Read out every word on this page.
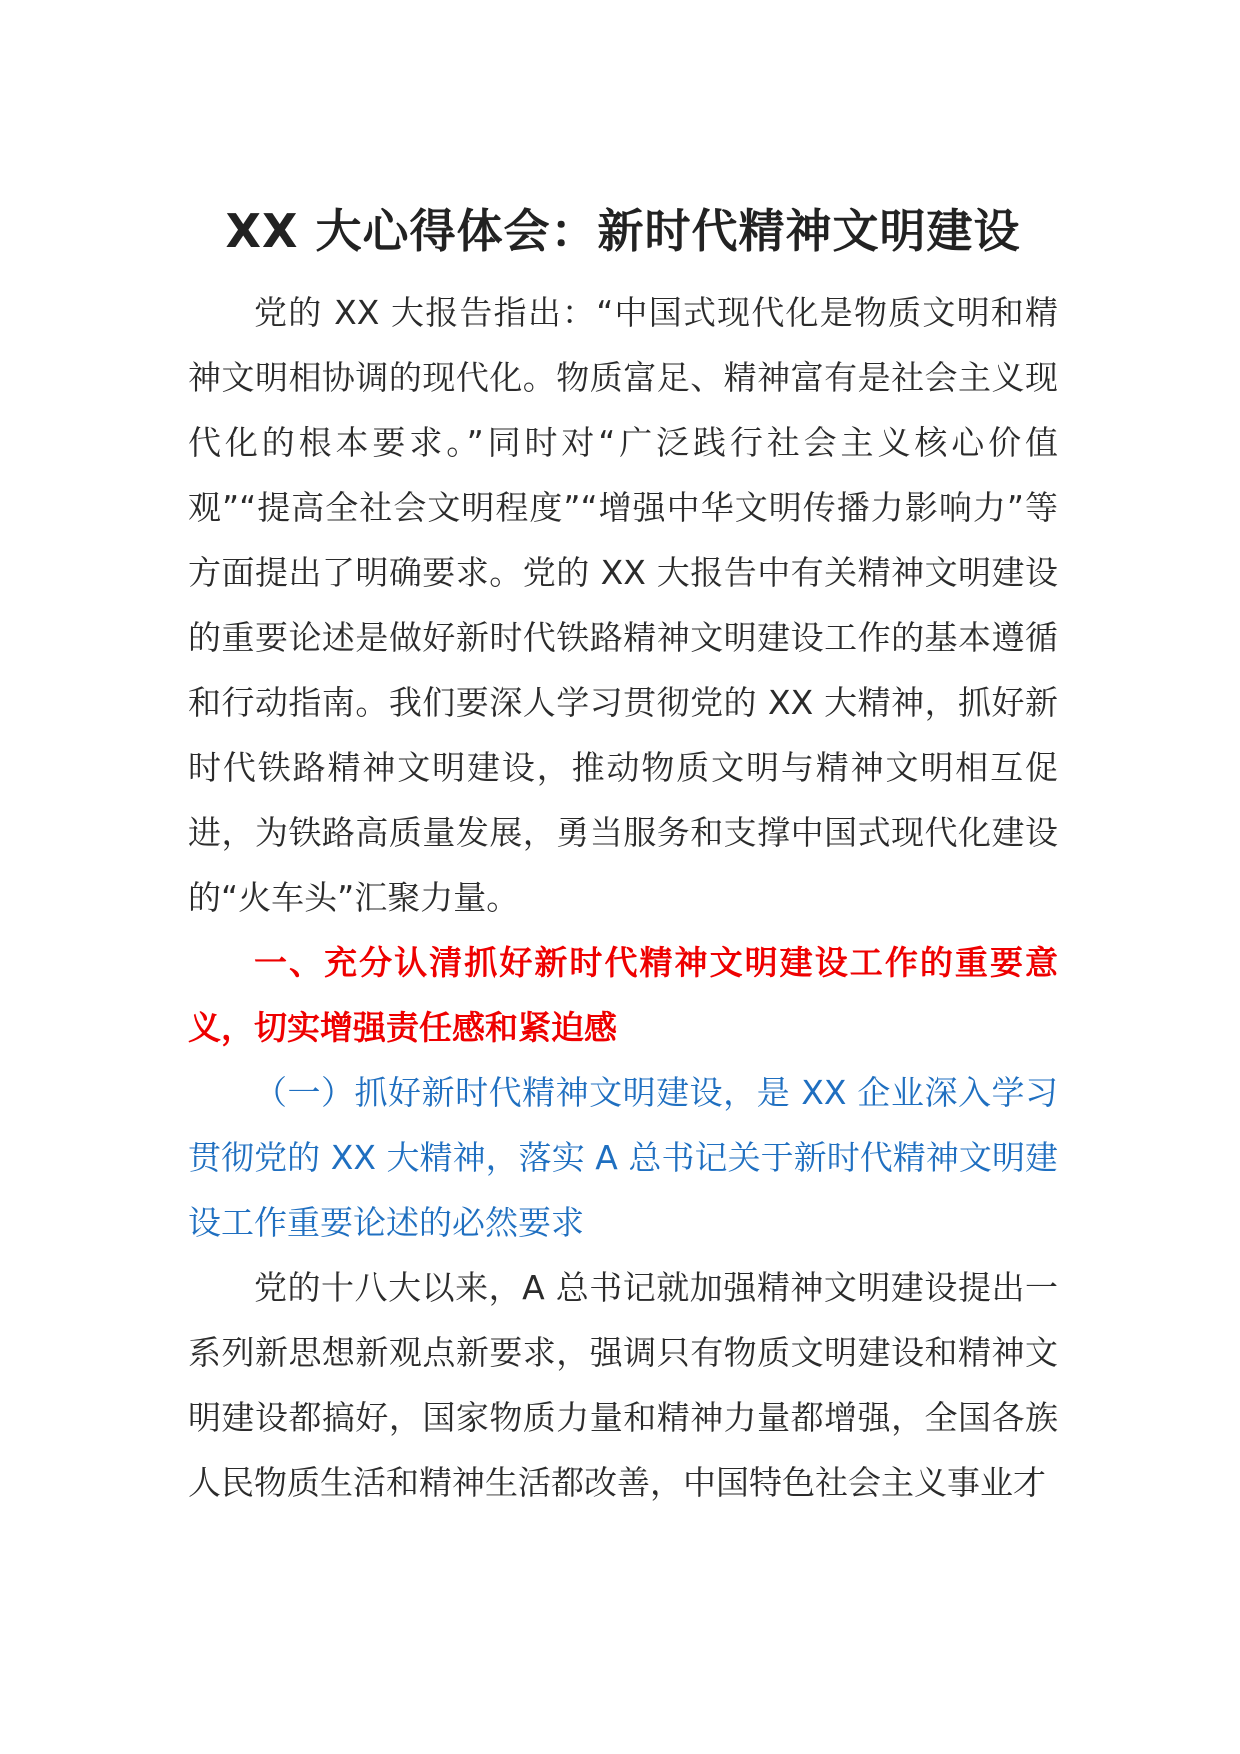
XX 大心得体会：新时代精神文明建设

党的 XX 大报告指出：“中国式现代化是物质文明和精神文明相协调的现代化。物质富足、精神富有是社会主义现代化的根本要求。”同时对“广泛践行社会主义核心价值观”“提高全社会文明程度”“增强中华文明传播力影响力”等方面提出了明确要求。党的 XX 大报告中有关精神文明建设的重要论述是做好新时代铁路精神文明建设工作的基本遵循和行动指南。我们要深人学习贯彻党的 XX 大精神，抓好新时代铁路精神文明建设，推动物质文明与精神文明相互促进，为铁路高质量发展，勇当服务和支撑中国式现代化建设的“火车头”汇聚力量。

一、充分认清抓好新时代精神文明建设工作的重要意义，切实增强责任感和紧迫感

（一）抓好新时代精神文明建设，是 XX 企业深入学习贯彻党的 XX 大精神，落实 A 总书记关于新时代精神文明建设工作重要论述的必然要求

党的十八大以来，A 总书记就加强精神文明建设提出一系列新思想新观点新要求，强调只有物质文明建设和精神文明建设都搞好，国家物质力量和精神力量都增强，全国各族人民物质生活和精神生活都改善，中国特色社会主义事业才
